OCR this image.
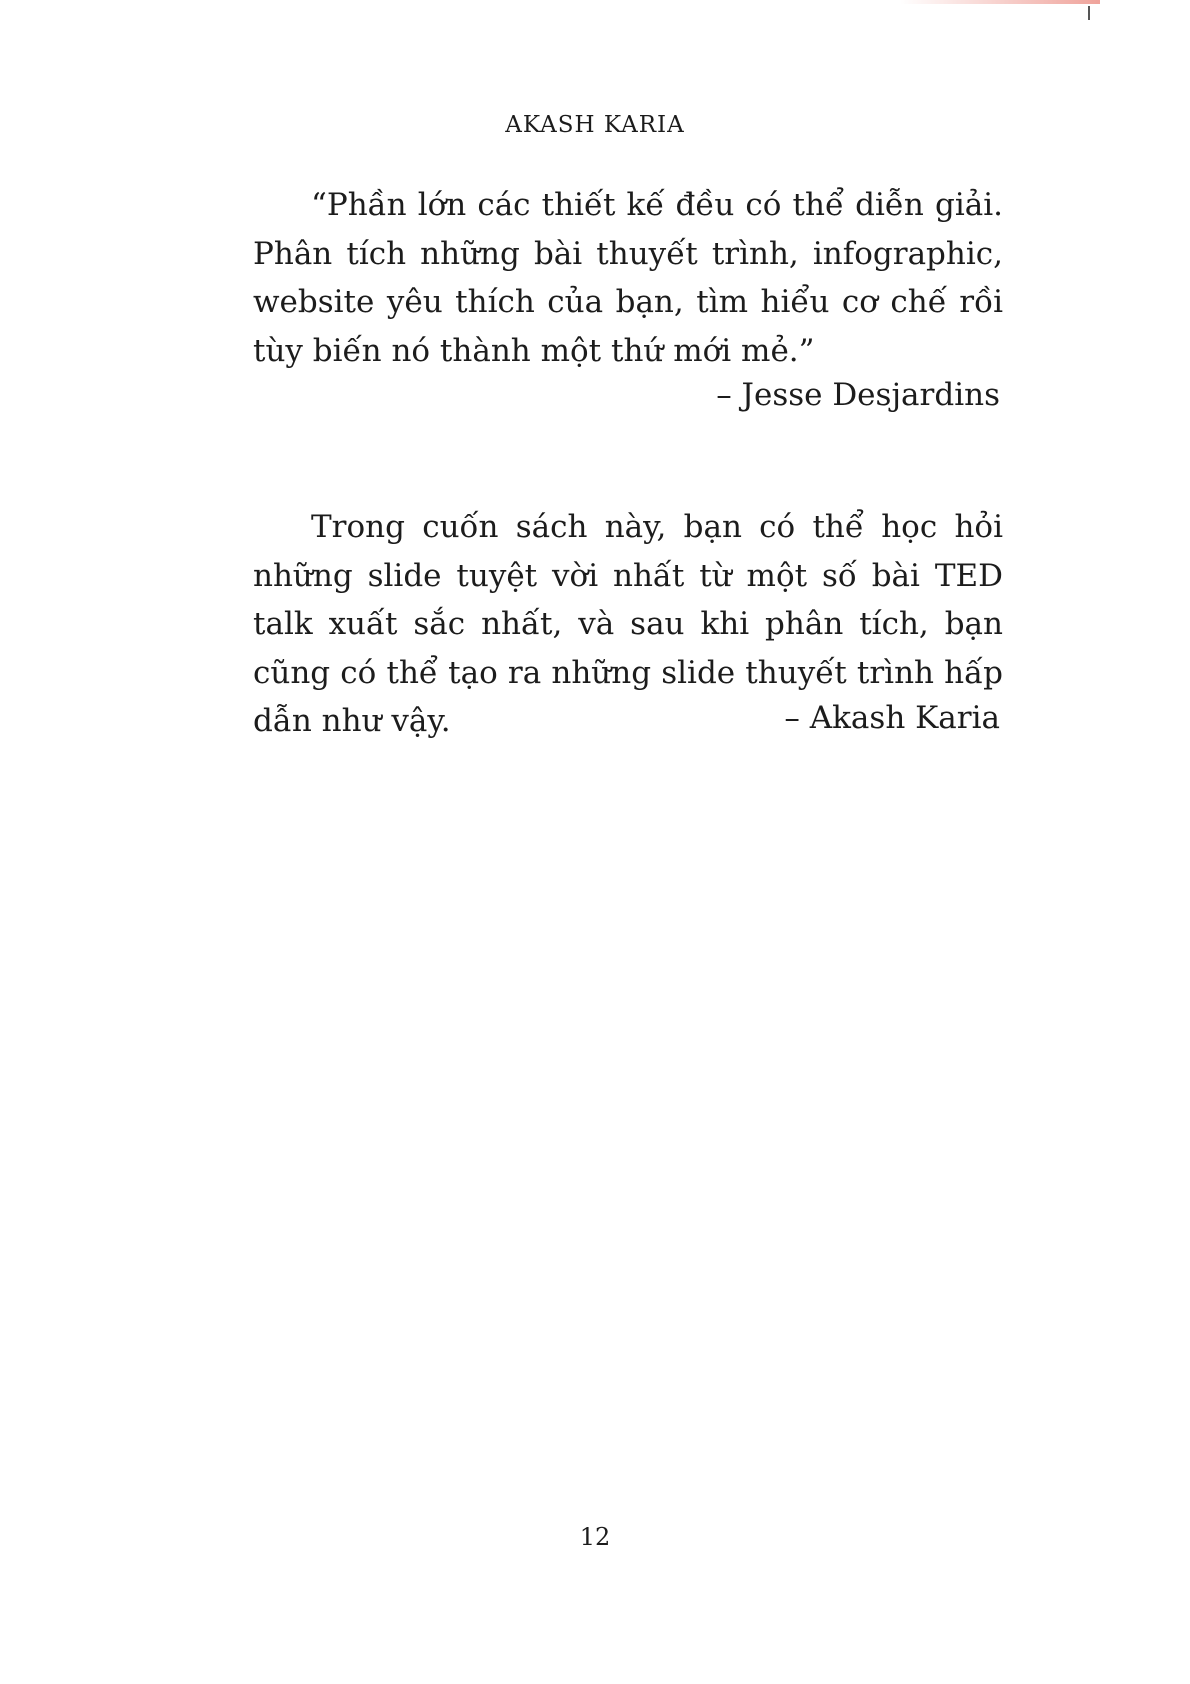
AKASH KARIA

“Phần lớn các thiết kế đều có thể diễn giải. Phân tích những bài thuyết trình, infographic, website yêu thích của bạn, tìm hiểu cơ chế rồi tùy biến nó thành một thứ mới mẻ.”

– Jesse Desjardins

Trong cuốn sách này, bạn có thể học hỏi những slide tuyệt vời nhất từ một số bài TED talk xuất sắc nhất, và sau khi phân tích, bạn cũng có thể tạo ra những slide thuyết trình hấp dẫn như vậy.	– Akash Karia
12
